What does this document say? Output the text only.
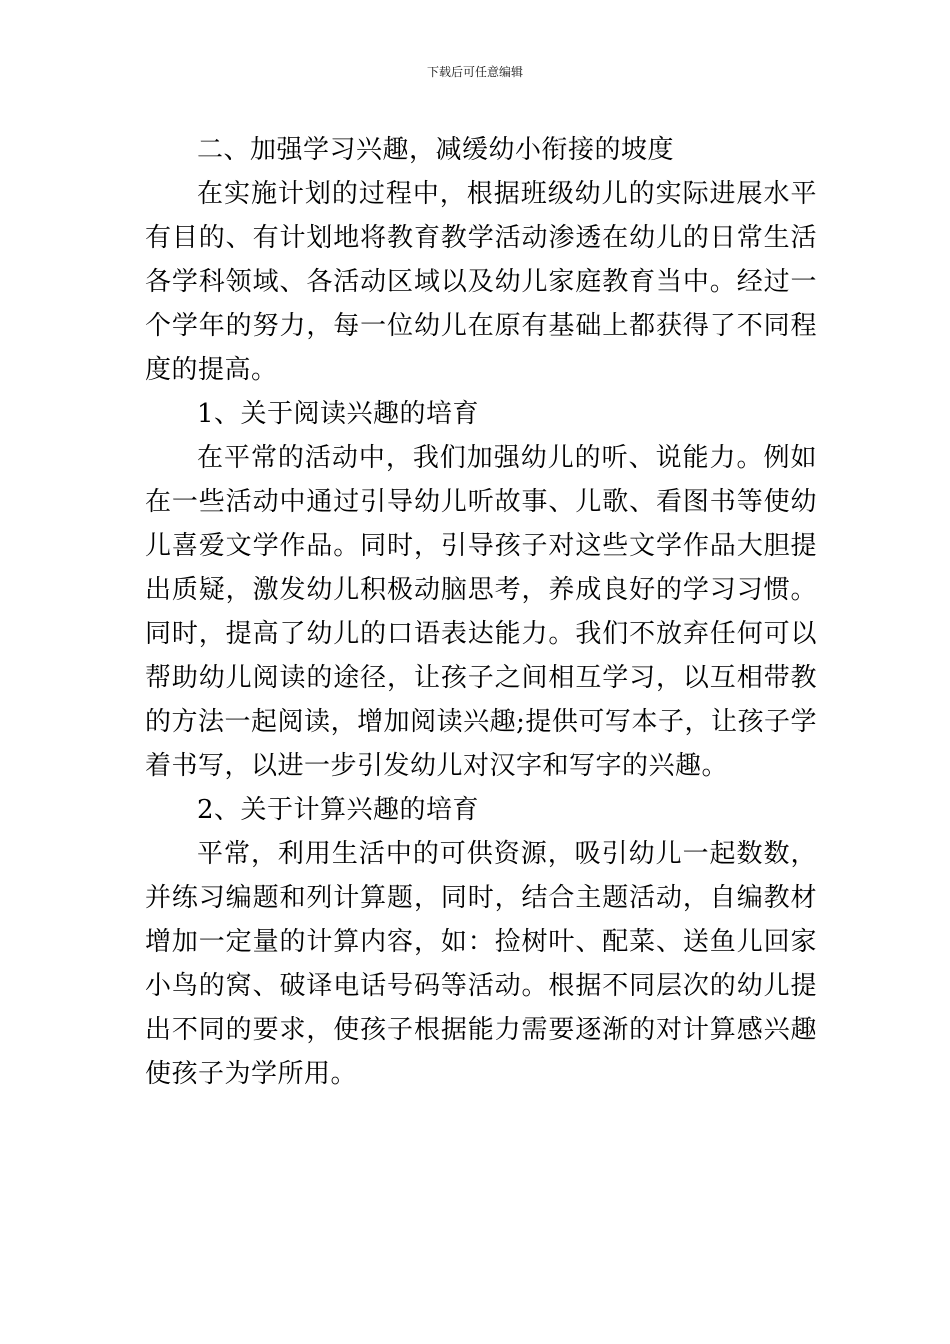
下载后可任意编辑

二、加强学习兴趣，减缓幼小衔接的坡度

在实施计划的过程中，根据班级幼儿的实际进展水平有目的、有计划地将教育教学活动渗透在幼儿的日常生活各学科领域、各活动区域以及幼儿家庭教育当中。经过一个学年的努力，每一位幼儿在原有基础上都获得了不同程度的提高。

1、关于阅读兴趣的培育

在平常的活动中，我们加强幼儿的听、说能力。例如在一些活动中通过引导幼儿听故事、儿歌、看图书等使幼儿喜爱文学作品。同时，引导孩子对这些文学作品大胆提出质疑，激发幼儿积极动脑思考，养成良好的学习习惯。同时，提高了幼儿的口语表达能力。我们不放弃任何可以帮助幼儿阅读的途径，让孩子之间相互学习，以互相带教的方法一起阅读，增加阅读兴趣;提供可写本子，让孩子学着书写，以进一步引发幼儿对汉字和写字的兴趣。

2、关于计算兴趣的培育

平常，利用生活中的可供资源，吸引幼儿一起数数，并练习编题和列计算题，同时，结合主题活动，自编教材增加一定量的计算内容，如：捡树叶、配菜、送鱼儿回家小鸟的窝、破译电话号码等活动。根据不同层次的幼儿提出不同的要求，使孩子根据能力需要逐渐的对计算感兴趣使孩子为学所用。
